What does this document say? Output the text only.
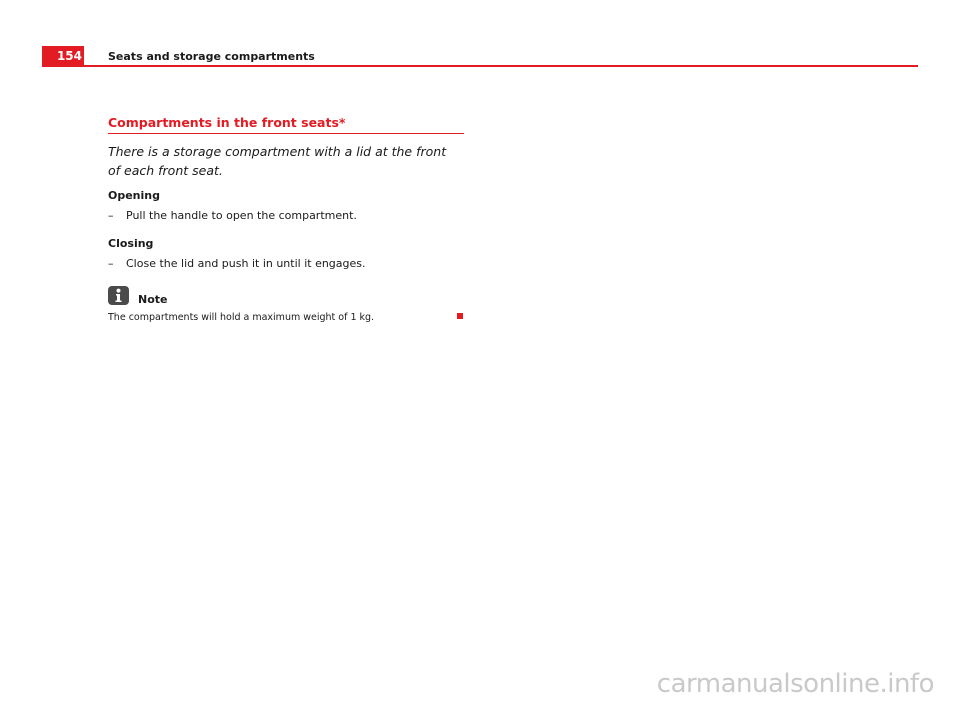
154 Seats and storage compartments
Compartments in the front seats*
There is a storage compartment with a lid at the front of each front seat.
Opening
– Pull the handle to open the compartment.
Closing
– Close the lid and push it in until it engages.
Note
The compartments will hold a maximum weight of 1 kg.
carmanualsonline.info
